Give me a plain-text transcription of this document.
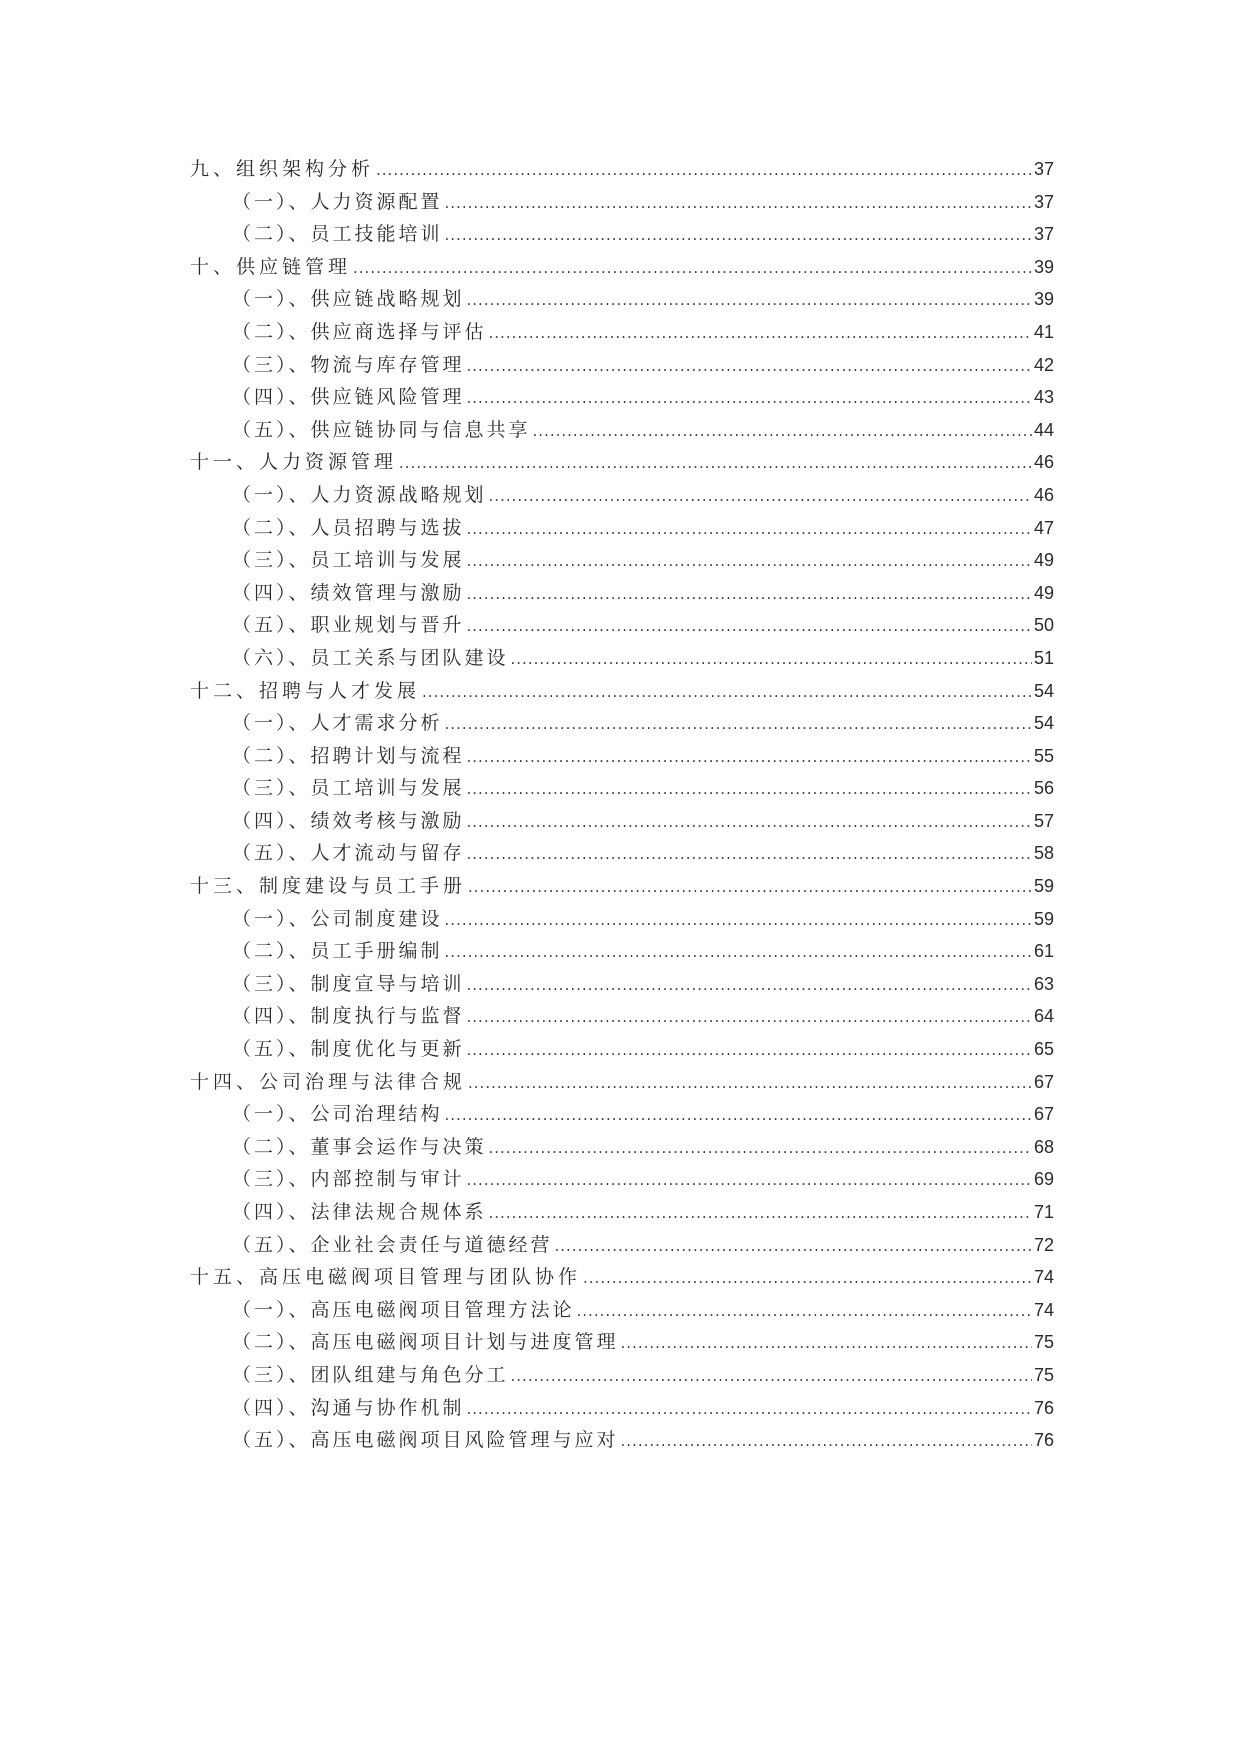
九、组织架构分析 .....	37
（一）、人力资源配置 .....	37
（二）、员工技能培训 .....	37
十、供应链管理 .....	39
（一）、供应链战略规划 .....	39
（二）、供应商选择与评估 .....	41
（三）、物流与库存管理 .....	42
（四）、供应链风险管理 .....	43
（五）、供应链协同与信息共享 .....	44
十一、人力资源管理 .....	46
（一）、人力资源战略规划 .....	46
（二）、人员招聘与选拔 .....	47
（三）、员工培训与发展 .....	49
（四）、绩效管理与激励 .....	49
（五）、职业规划与晋升 .....	50
（六）、员工关系与团队建设 .....	51
十二、招聘与人才发展 .....	54
（一）、人才需求分析 .....	54
（二）、招聘计划与流程 .....	55
（三）、员工培训与发展 .....	56
（四）、绩效考核与激励 .....	57
（五）、人才流动与留存 .....	58
十三、制度建设与员工手册 .....	59
（一）、公司制度建设 .....	59
（二）、员工手册编制 .....	61
（三）、制度宣导与培训 .....	63
（四）、制度执行与监督 .....	64
（五）、制度优化与更新 .....	65
十四、公司治理与法律合规 .....	67
（一）、公司治理结构 .....	67
（二）、董事会运作与决策 .....	68
（三）、内部控制与审计 .....	69
（四）、法律法规合规体系 .....	71
（五）、企业社会责任与道德经营 .....	72
十五、高压电磁阀项目管理与团队协作 .....	74
（一）、高压电磁阀项目管理方法论 .....	74
（二）、高压电磁阀项目计划与进度管理 .....	75
（三）、团队组建与角色分工 .....	75
（四）、沟通与协作机制 .....	76
（五）、高压电磁阀项目风险管理与应对 .....	76
